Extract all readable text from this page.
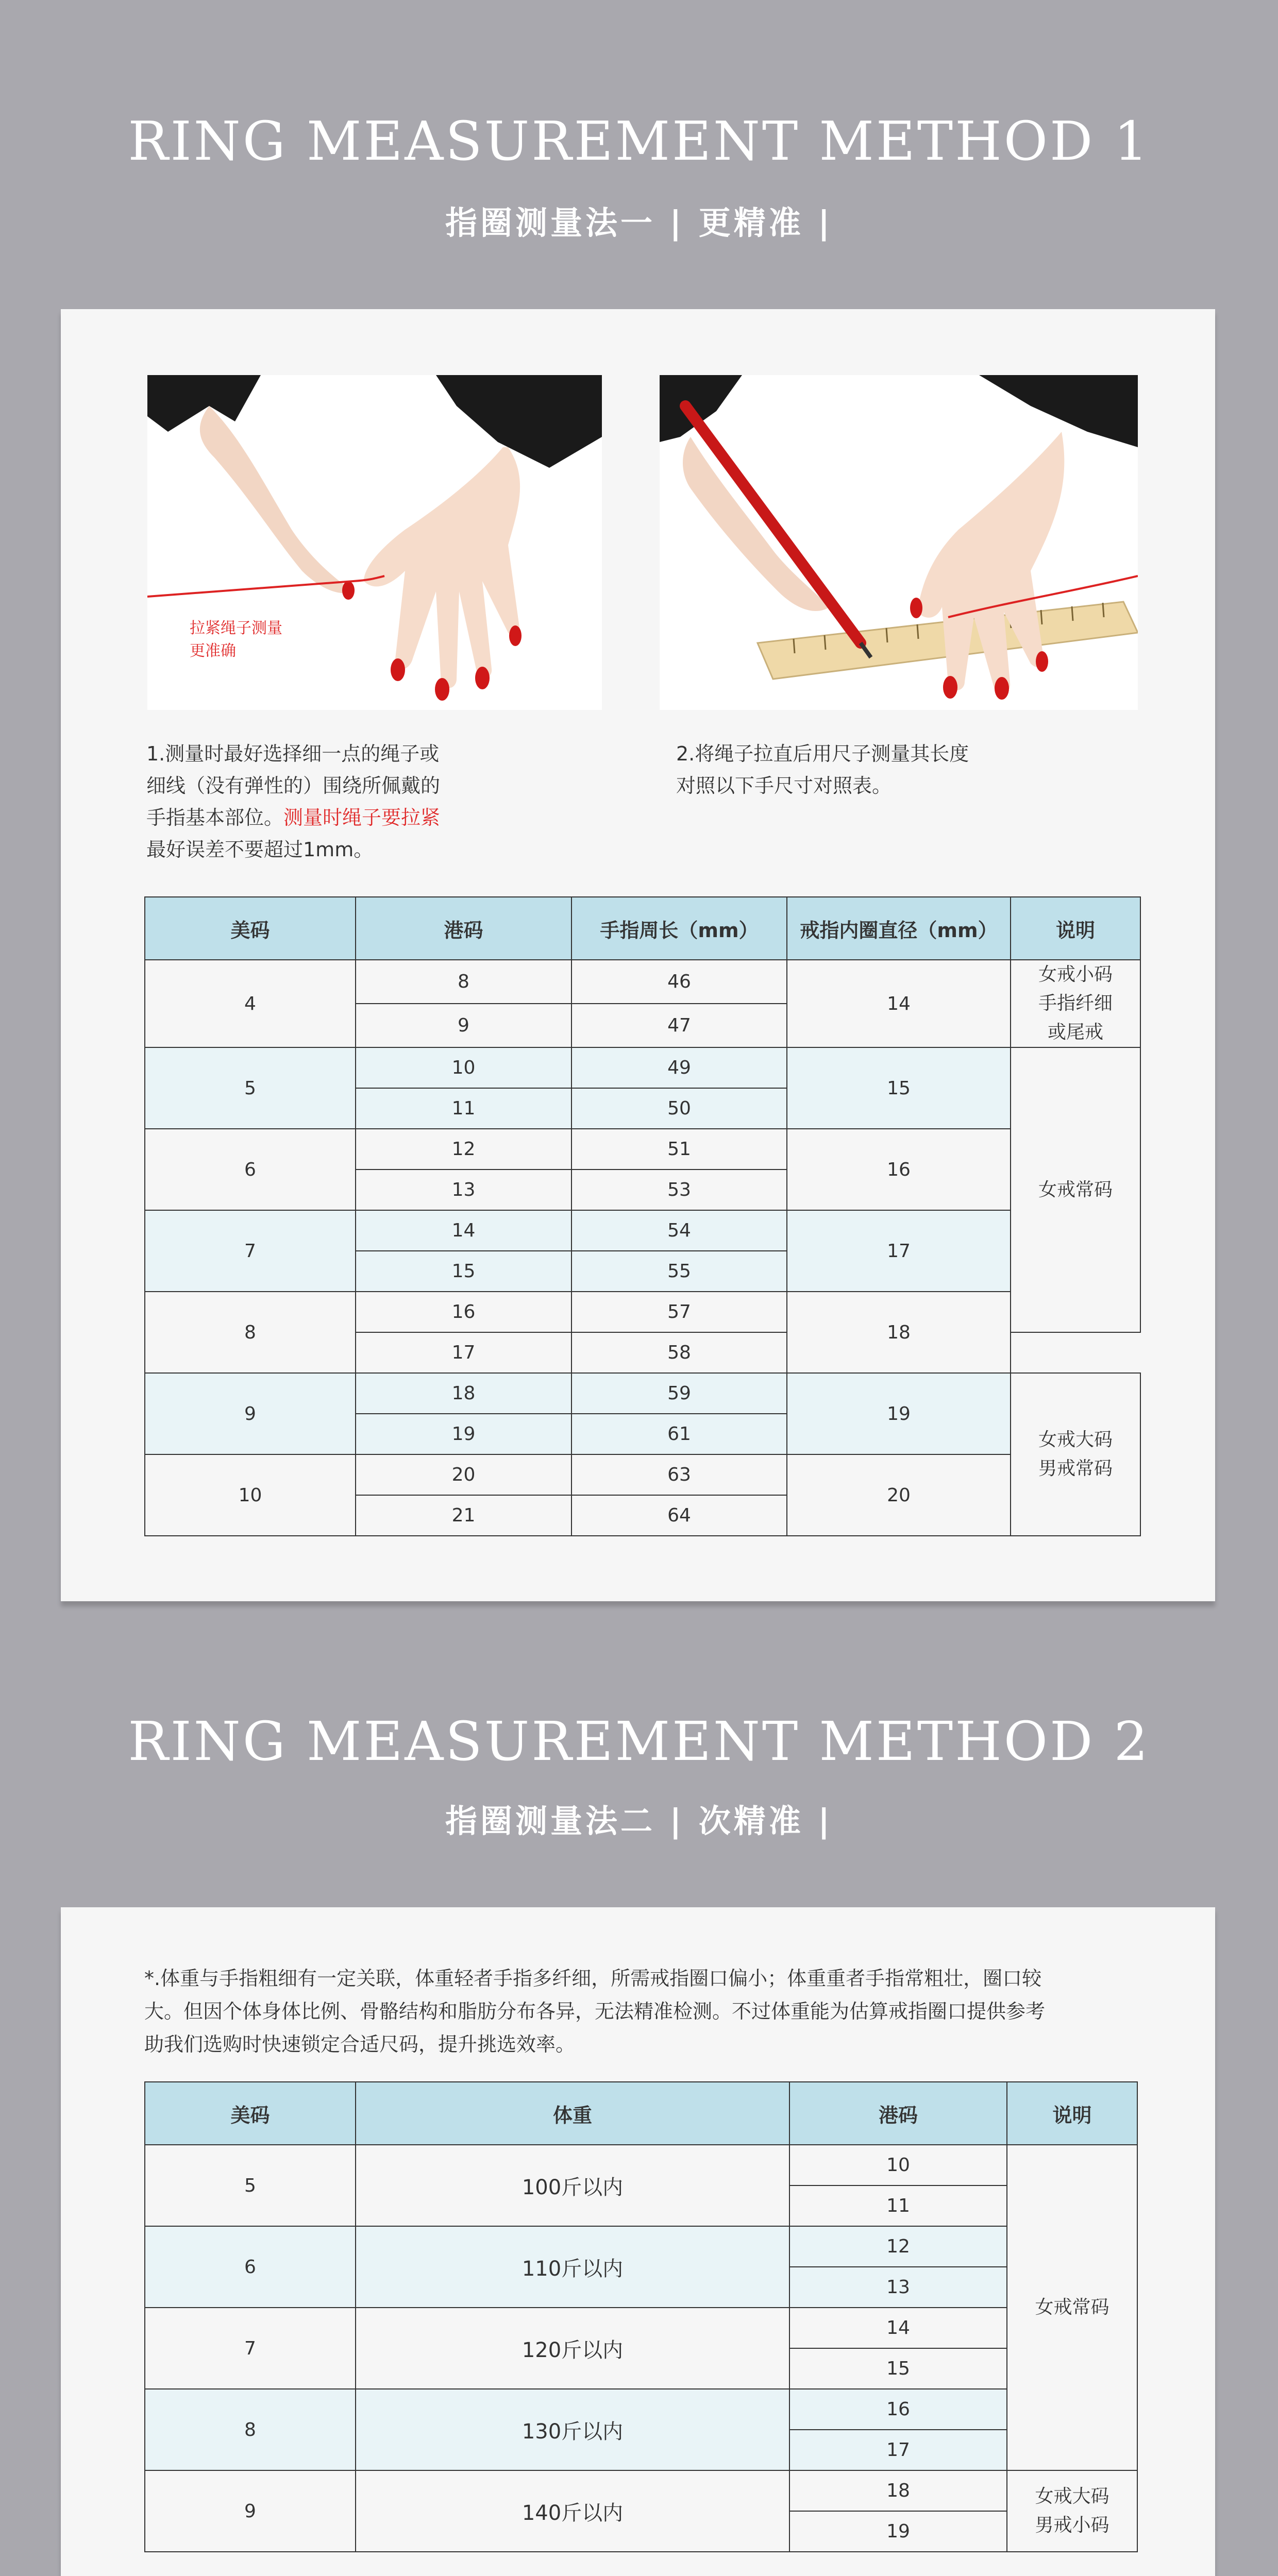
RING MEASUREMENT METHOD 1
指圈测量法一 | 更精准 |
拉紧绳子测量
更准确
1.测量时最好选择细一点的绳子或
细线（没有弹性的）围绕所佩戴的
手指基本部位。测量时绳子要拉紧
最好误差不要超过1mm。
2.将绳子拉直后用尺子测量其长度
对照以下手尺寸对照表。
美码	港码	手指周长（mm）	戒指内圈直径（mm）	说明
4	8	46	14	女戒小码
手指纤细
或尾戒
	9	47		
5	10	49	15	女戒常码
	11	50		
6	12	51	16	
	13	53		
7	14	54	17	
	15	55		
8	16	57	18	
	17	58		
9	18	59	19	女戒大码
男戒常码
	19	61		
10	20	63	20	
	21	64		
RING MEASUREMENT METHOD 2
指圈测量法二 | 次精准 |
*.体重与手指粗细有一定关联，体重轻者手指多纤细，所需戒指圈口偏小；体重重者手指常粗壮，圈口较
大。但因个体身体比例、骨骼结构和脂肪分布各异，无法精准检测。不过体重能为估算戒指圈口提供参考
助我们选购时快速锁定合适尺码，提升挑选效率。
美码	体重	港码	说明
5	100斤以内	10	女戒常码
		11	
6	110斤以内	12	
		13	
7	120斤以内	14	
		15	
8	130斤以内	16	
		17	
9	140斤以内	18	女戒大码
男戒小码
		19	
